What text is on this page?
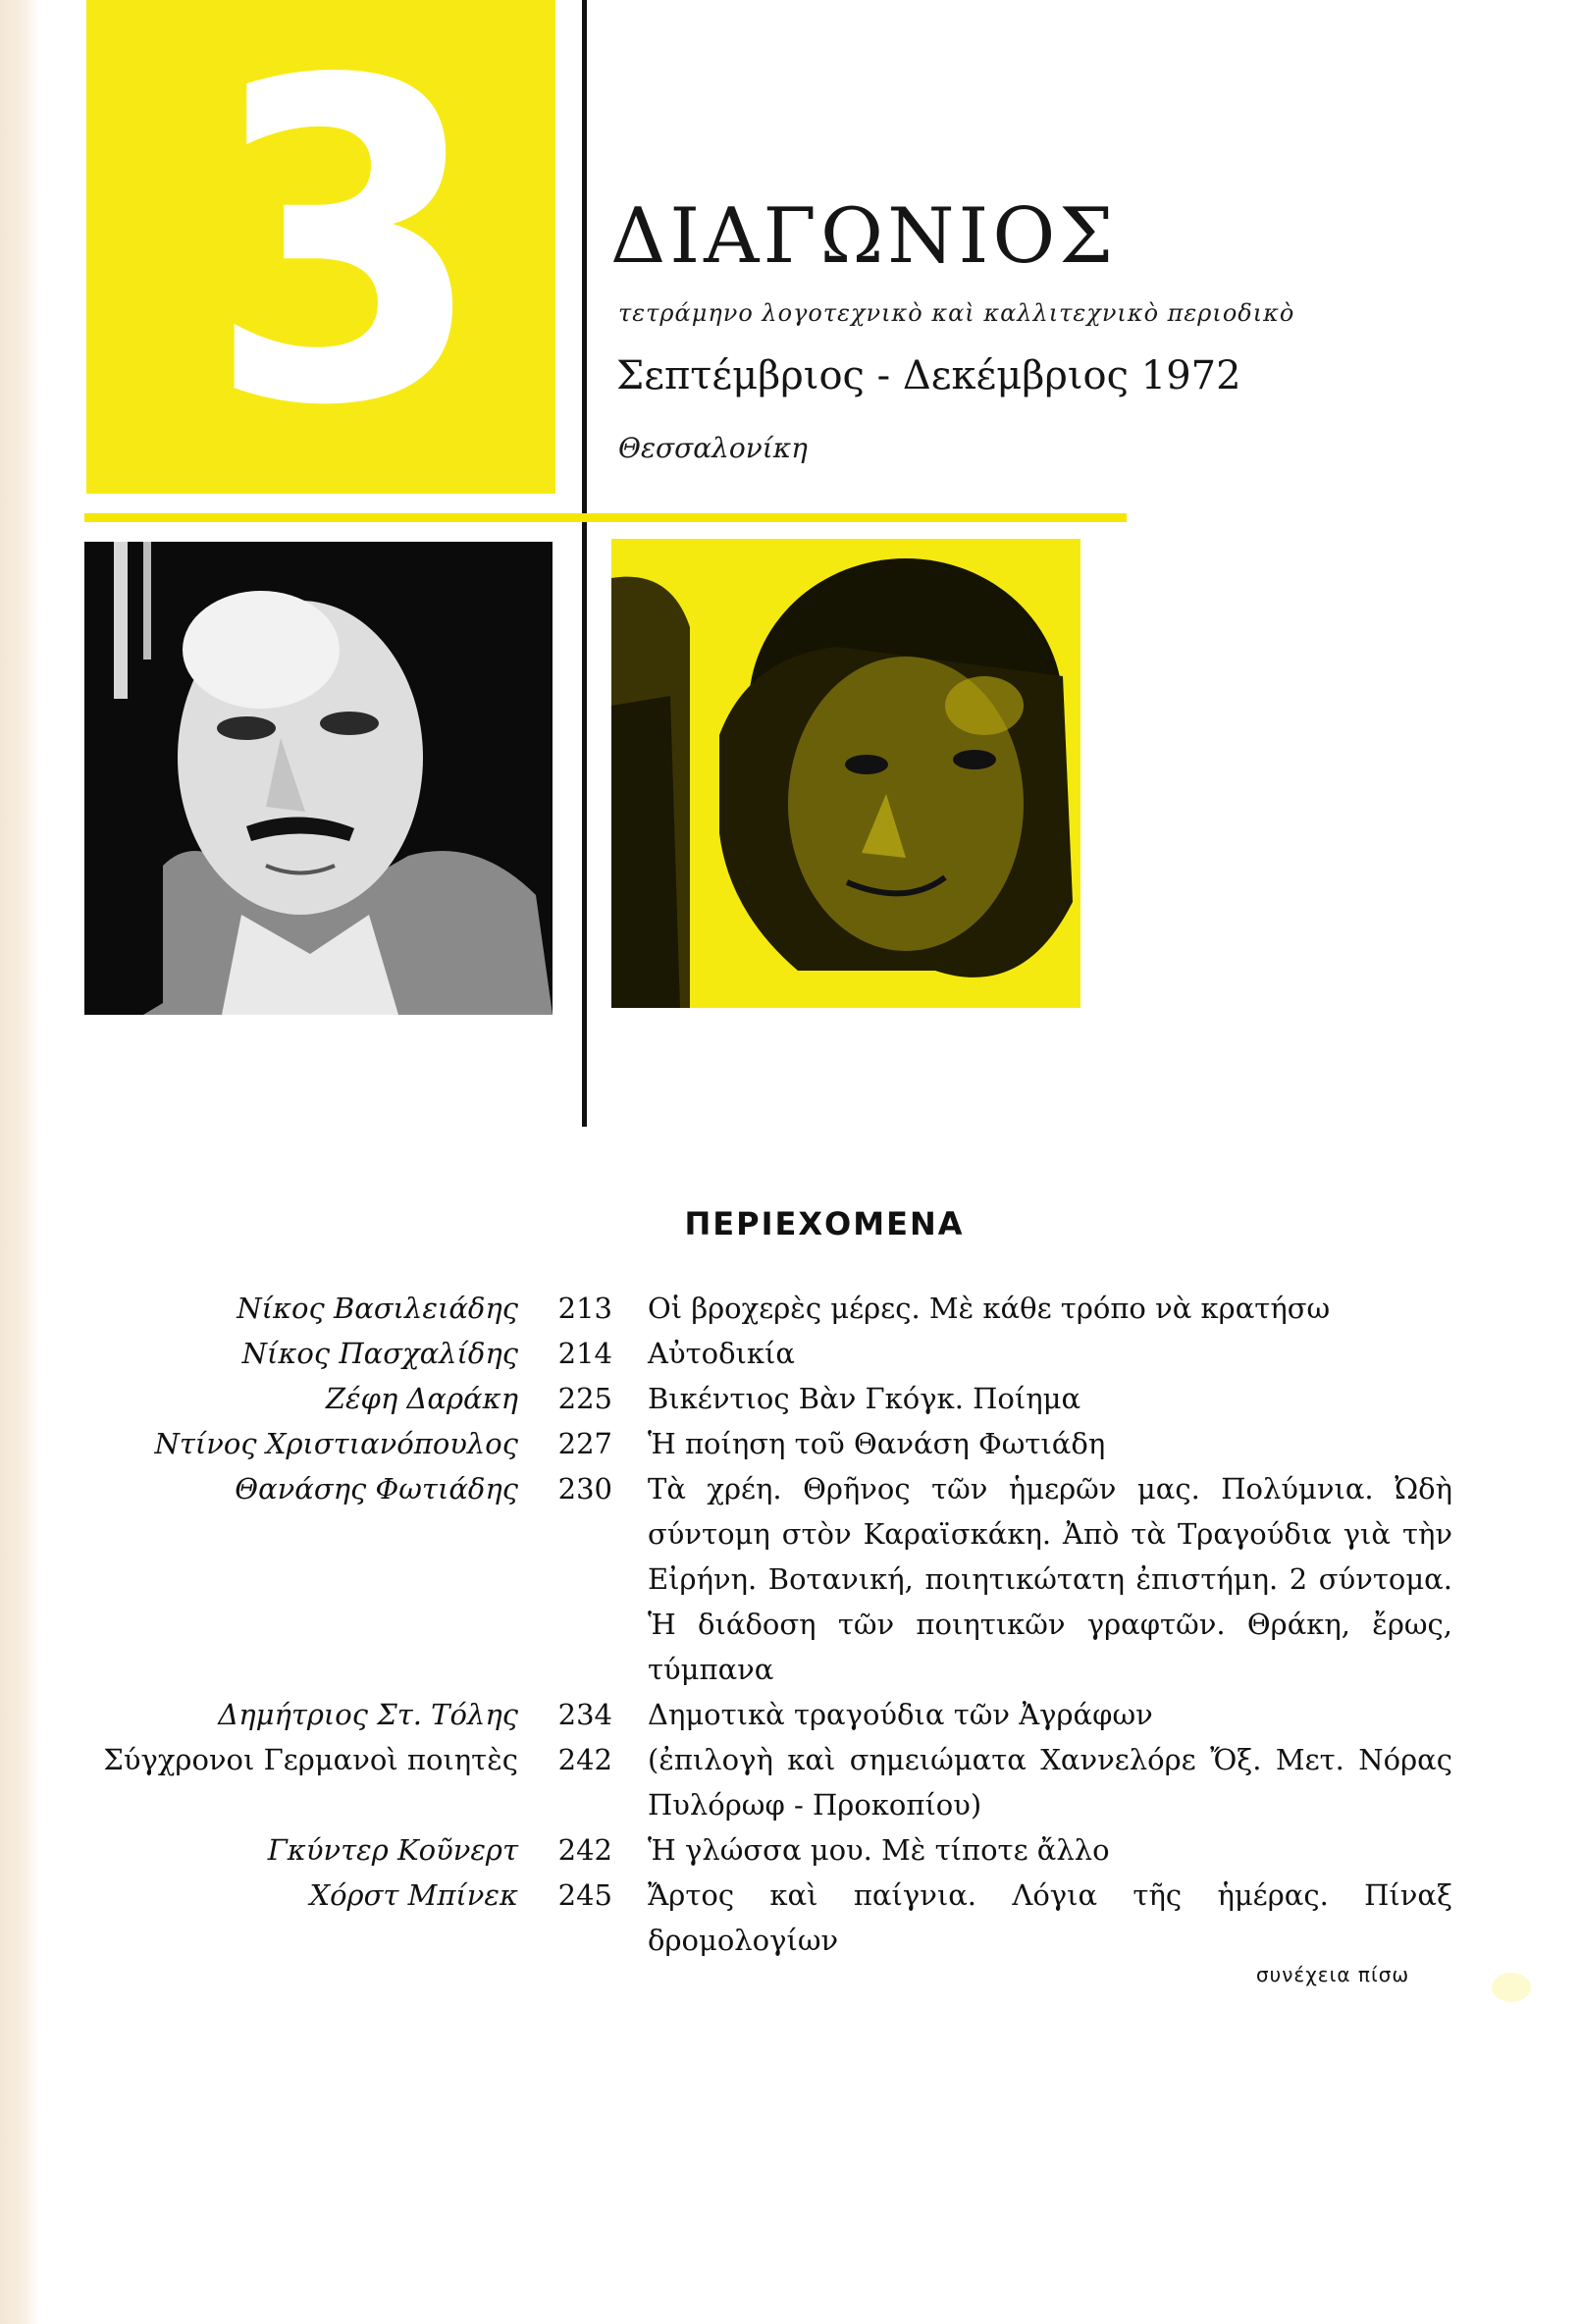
3 ΔΙΑΓΩΝΙΟΣ
τετράμηνο λογοτεχνικὸ καὶ καλλιτεχνικὸ περιοδικὸ
Σεπτέμβριος - Δεκέμβριος 1972
Θεσσαλονίκη
ΠΕΡΙΕΧΟΜΕΝΑ
Νίκος Βασιλειάδης	213 Οἱ βροχερὲς μέρες. Μὲ κάθε τρόπο νὰ κρατήσω
Νίκος Πασχαλίδης	214 Αὐτοδικία
Ζέφη Δαράκη	225 Βικέντιος Βὰν Γκόγκ. Ποίημα
Ντίνος Χριστιανόπουλος	227 Ἡ ποίηση τοῦ Θανάση Φωτιάδη
Θανάσης Φωτιάδης	230 Τὰ χρέη. Θρῆνος τῶν ἡμερῶν μας. Πολύμνια. Ὠδὴ σύντομη στὸν Καραϊσκάκη. Ἀπὸ τὰ Τραγούδια γιὰ τὴν Εἰρήνη. Βοτανική, ποιητικώτατη ἐπιστήμη. 2 σύντομα. Ἡ διάδοση τῶν ποιητικῶν γραφτῶν. Θράκη, ἔρως, τύμπανα
Δημήτριος Στ. Τόλης	234 Δημοτικὰ τραγούδια τῶν Ἀγράφων
Σύγχρονοι Γερμανοὶ ποιητὲς	242 (ἐπιλογὴ καὶ σημειώματα Χαννελόρε Ὄξ. Μετ. Νόρας Πυλόρωφ - Προκοπίου)
Γκύντερ Κοῦνερτ	242 Ἡ γλώσσα μου. Μὲ τίποτε ἄλλο
Χόρστ Μπίνεκ	245 Ἄρτος καὶ παίγνια. Λόγια τῆς ἡμέρας. Πίναξ δρομολογίων
συνέχεια πίσω
